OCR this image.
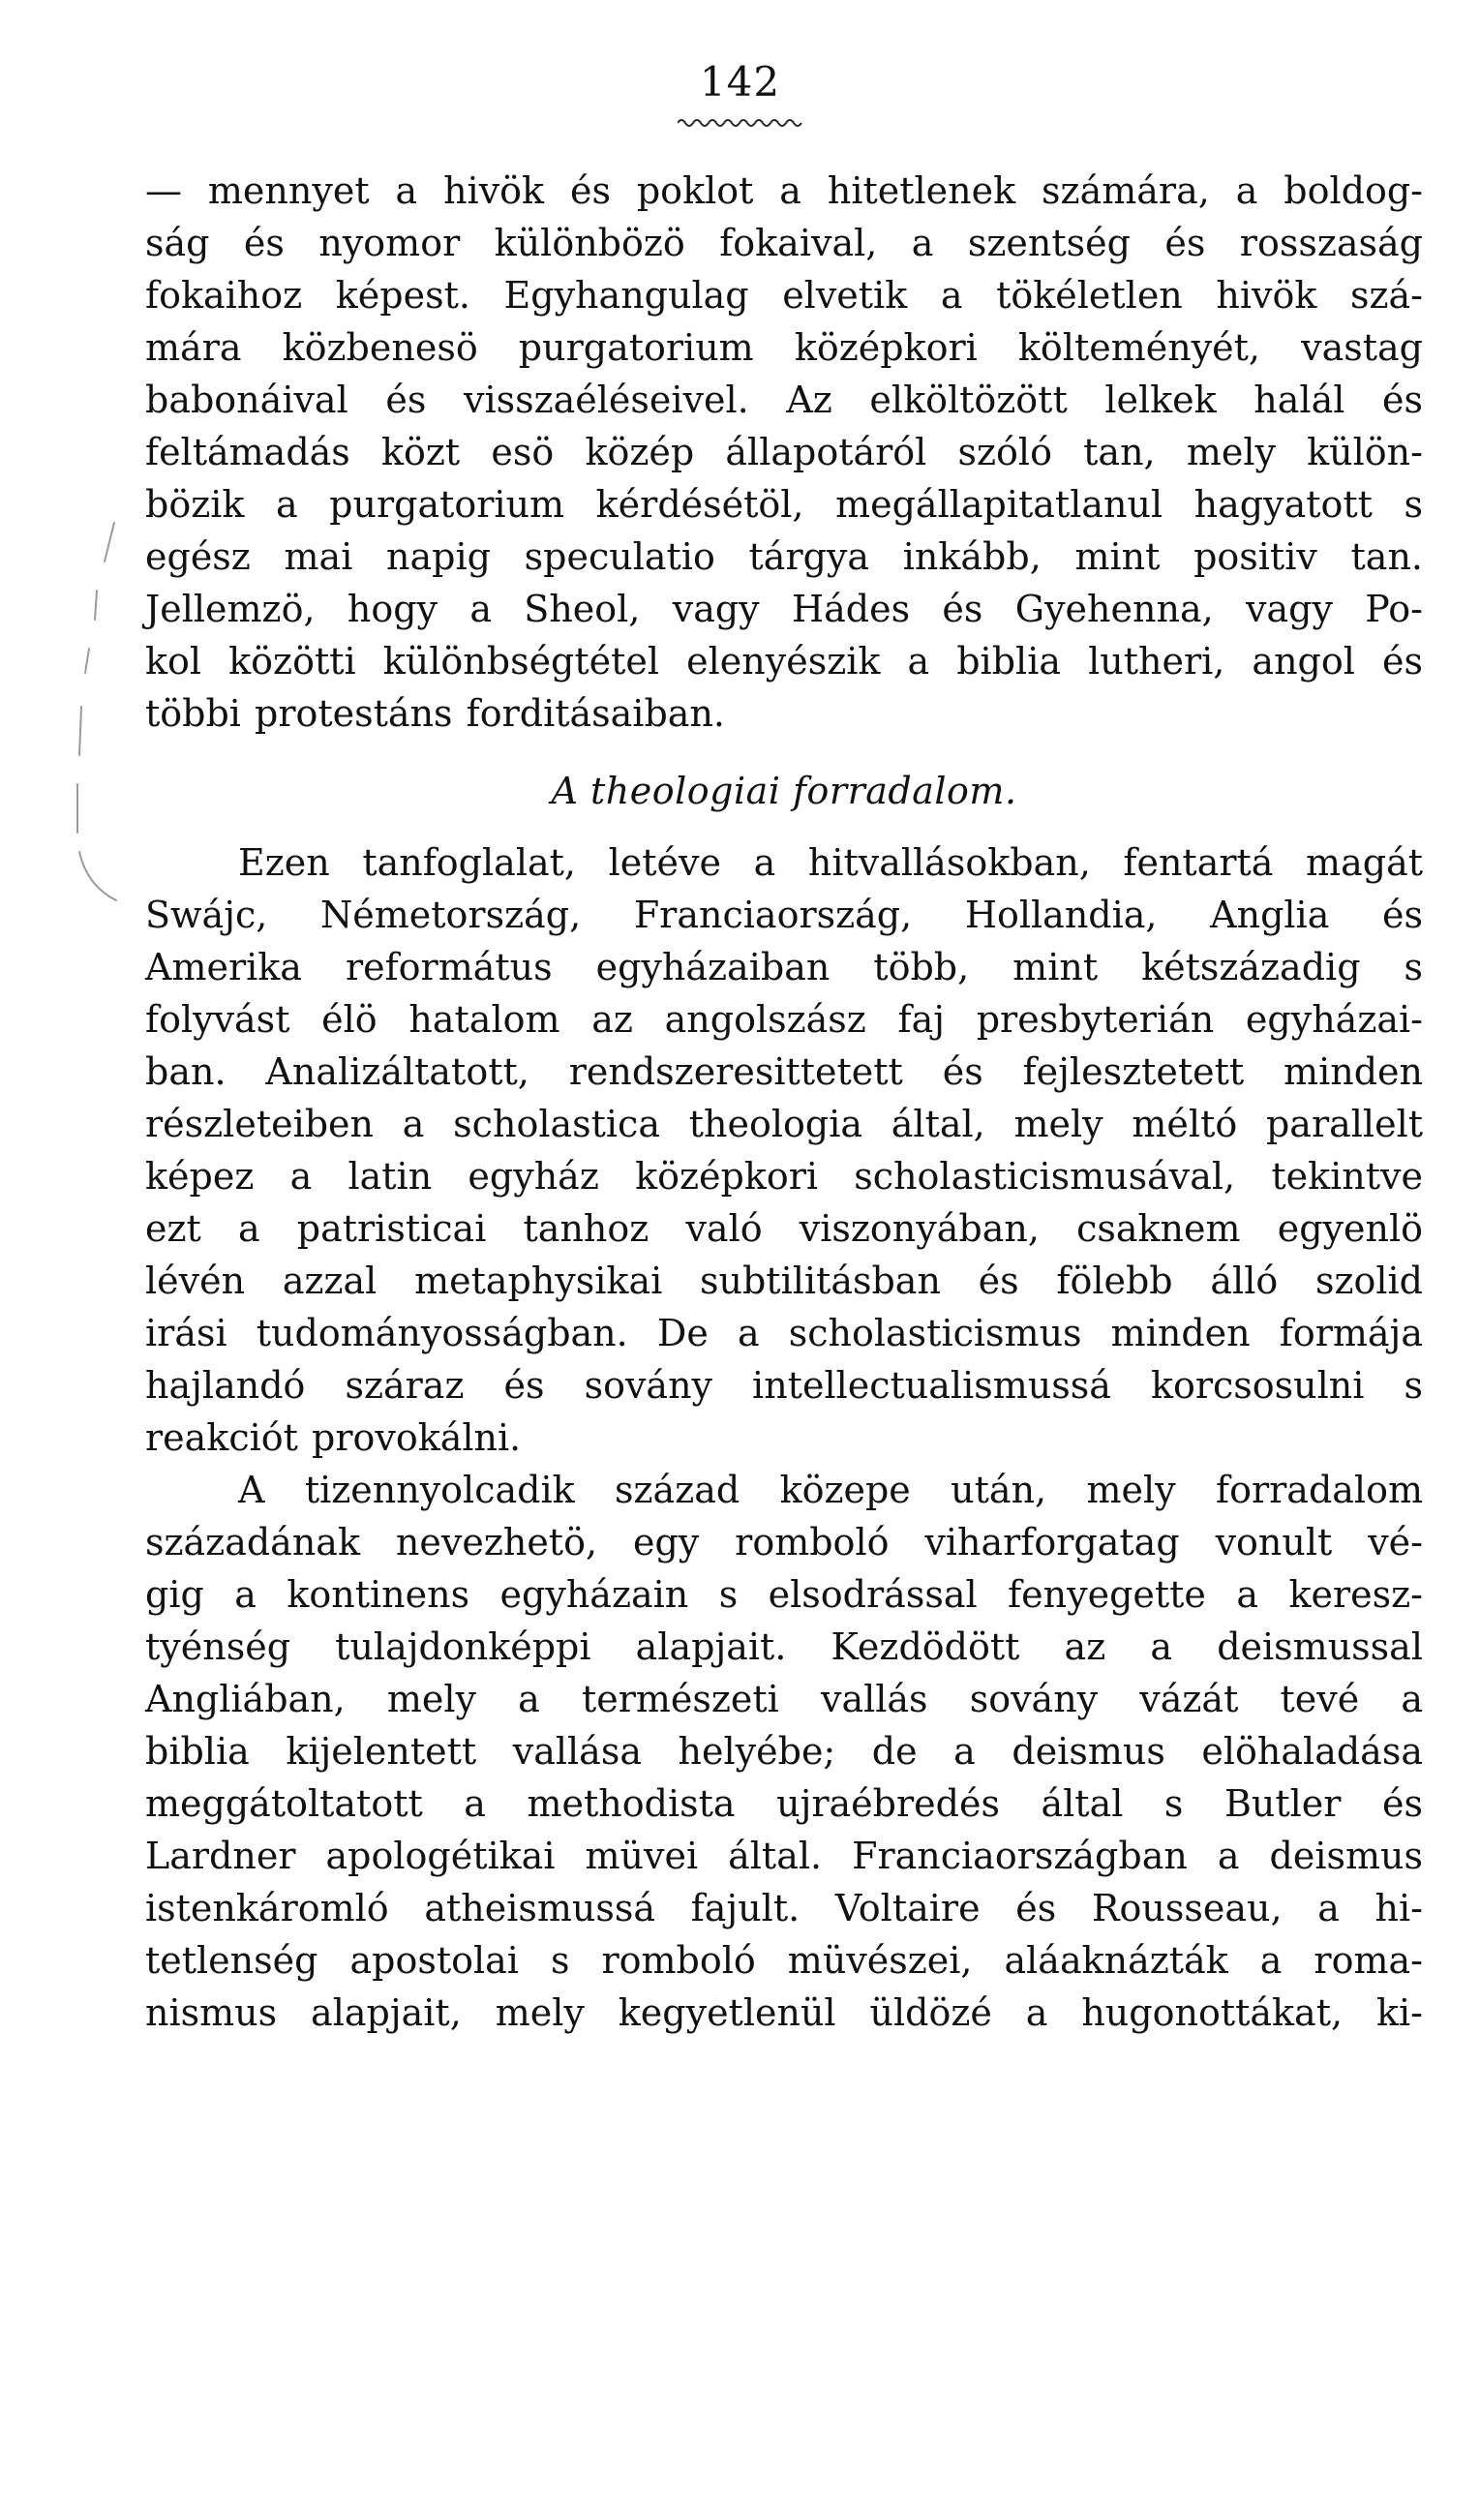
142
— mennyet a hivök és poklot a hitetlenek számára, a boldog-
ság és nyomor különbözö fokaival, a szentség és rosszaság
fokaihoz képest. Egyhangulag elvetik a tökéletlen hivök szá-
mára közbenesö purgatorium középkori költeményét, vastag
babonáival és visszaéléseivel. Az elköltözött lelkek halál és
feltámadás közt esö közép állapotáról szóló tan, mely külön-
bözik a purgatorium kérdésétöl, megállapitatlanul hagyatott s
egész mai napig speculatio tárgya inkább, mint positiv tan.
Jellemzö, hogy a Sheol, vagy Hádes és Gyehenna, vagy Po-
kol közötti különbségtétel elenyészik a biblia lutheri, angol és
többi protestáns forditásaiban.
A theologiai forradalom.
Ezen tanfoglalat, letéve a hitvallásokban, fentartá magát
Swájc, Németország, Franciaország, Hollandia, Anglia és
Amerika református egyházaiban több, mint kétszázadig s
folyvást élö hatalom az angolszász faj presbyterián egyházai-
ban. Analizáltatott, rendszeresittetett és fejlesztetett minden
részleteiben a scholastica theologia által, mely méltó parallelt
képez a latin egyház középkori scholasticismusával, tekintve
ezt a patristicai tanhoz való viszonyában, csaknem egyenlö
lévén azzal metaphysikai subtilitásban és fölebb álló szolid
irási tudományosságban. De a scholasticismus minden formája
hajlandó száraz és sovány intellectualismussá korcsosulni s
reakciót provokálni.
A tizennyolcadik század közepe után, mely forradalom
századának nevezhetö, egy romboló viharforgatag vonult vé-
gig a kontinens egyházain s elsodrással fenyegette a keresz-
tyénség tulajdonképpi alapjait. Kezdödött az a deismussal
Angliában, mely a természeti vallás sovány vázát tevé a
biblia kijelentett vallása helyébe; de a deismus elöhaladása
meggátoltatott a methodista ujraébredés által s Butler és
Lardner apologétikai müvei által. Franciaországban a deismus
istenkáromló atheismussá fajult. Voltaire és Rousseau, a hi-
tetlenség apostolai s romboló müvészei, aláaknázták a roma-
nismus alapjait, mely kegyetlenül üldözé a hugonottákat, ki-
